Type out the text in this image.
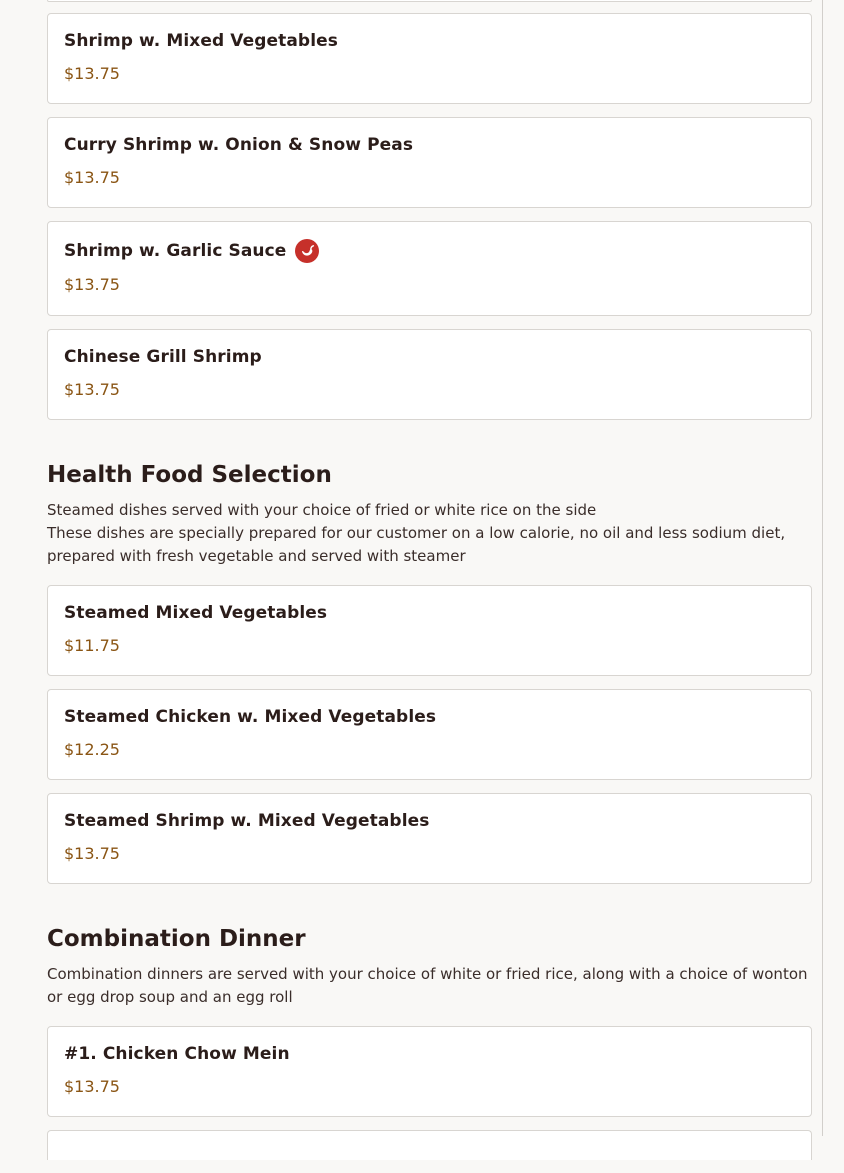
Shrimp w. Mixed Vegetables
$13.75
Curry Shrimp w. Onion & Snow Peas
$13.75
Shrimp w. Garlic Sauce
$13.75
Chinese Grill Shrimp
$13.75
Health Food Selection

Steamed dishes served with your choice of fried or white rice on the side

These dishes are specially prepared for our customer on a low calorie, no oil and less sodium diet, prepared with fresh vegetable and served with steamer

Steamed Mixed Vegetables
$11.75
Steamed Chicken w. Mixed Vegetables
$12.25
Steamed Shrimp w. Mixed Vegetables
$13.75
Combination Dinner

Combination dinners are served with your choice of white or fried rice, along with a choice of wonton or egg drop soup and an egg roll

#1. Chicken Chow Mein
$13.75
